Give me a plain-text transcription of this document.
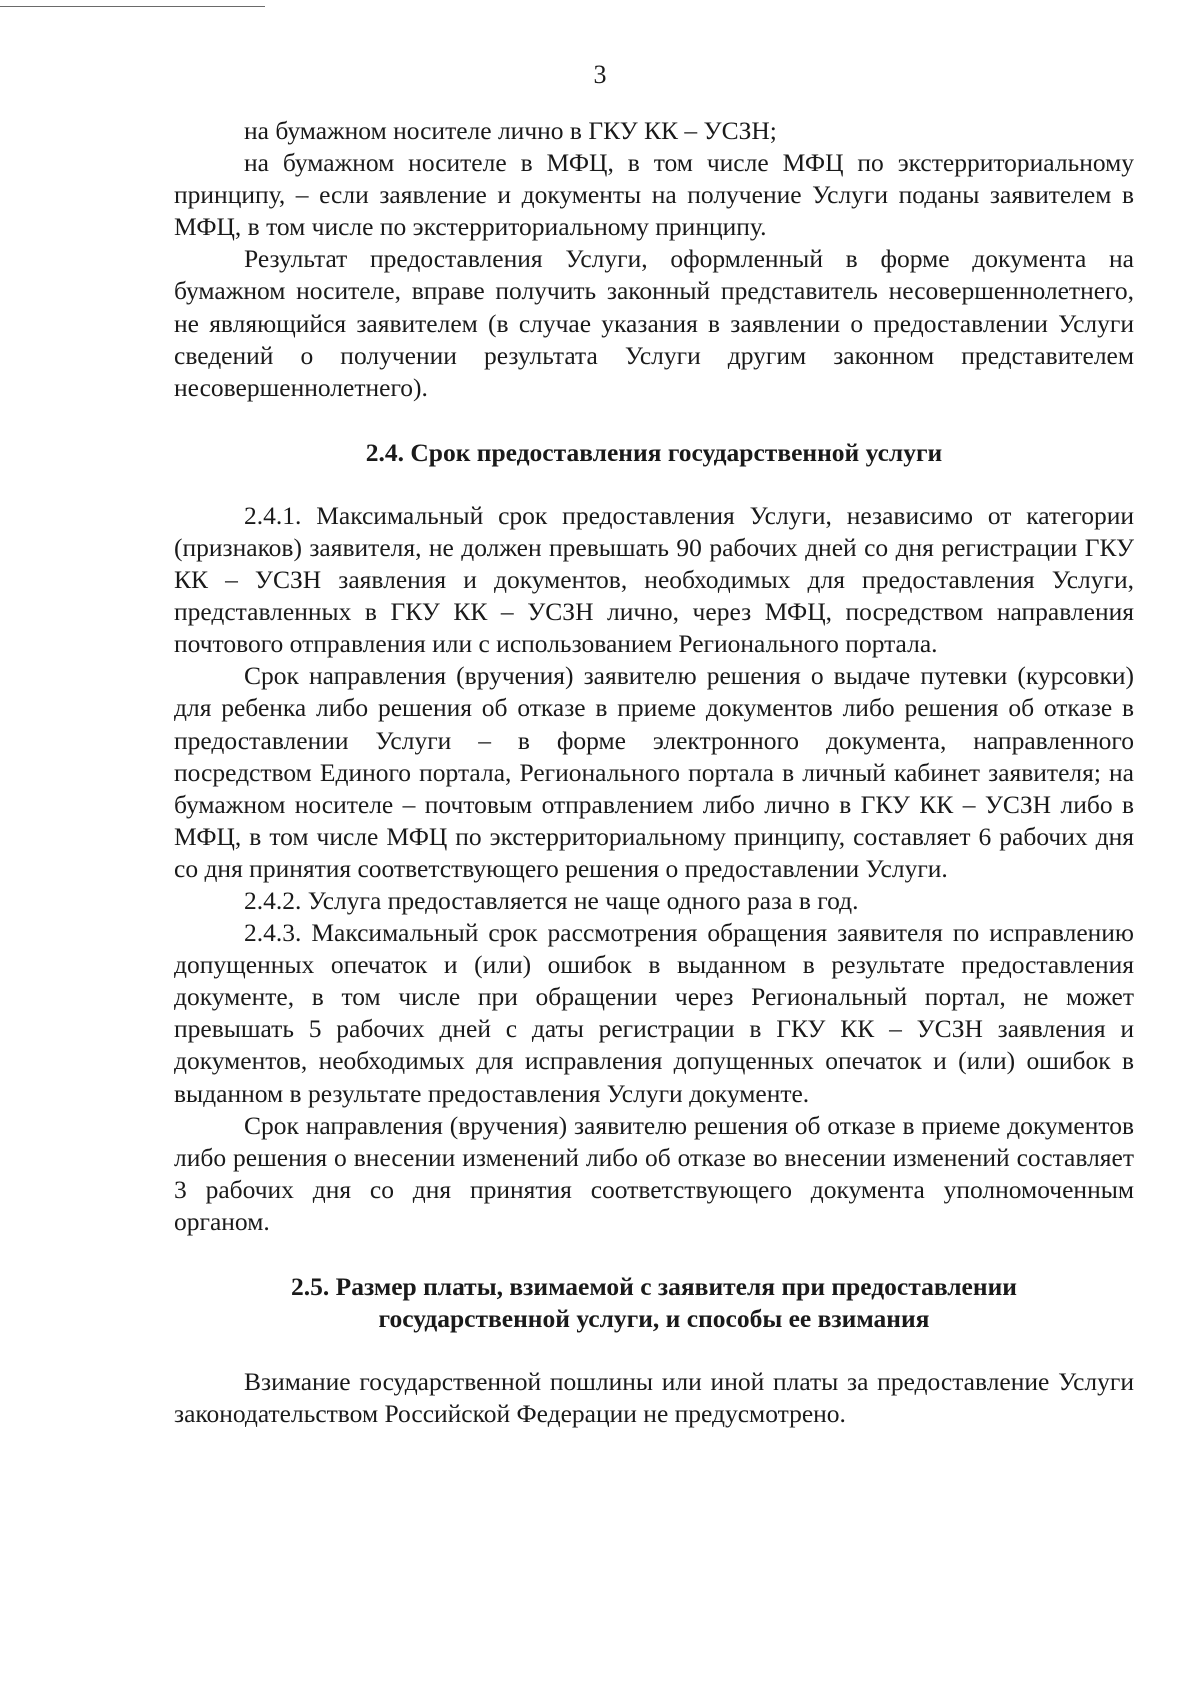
3

на бумажном носителе лично в ГКУ КК – УСЗН;

на бумажном носителе в МФЦ, в том числе МФЦ по экстерриториальному принципу, – если заявление и документы на получение Услуги поданы заявителем в МФЦ, в том числе по экстерриториальному принципу.

Результат предоставления Услуги, оформленный в форме документа на бумажном носителе, вправе получить законный представитель несовершеннолетнего, не являющийся заявителем (в случае указания в заявлении о предоставлении Услуги сведений о получении результата Услуги другим законном представителем несовершеннолетнего).

2.4. Срок предоставления государственной услуги

2.4.1. Максимальный срок предоставления Услуги, независимо от категории (признаков) заявителя, не должен превышать 90 рабочих дней со дня регистрации ГКУ КК – УСЗН заявления и документов, необходимых для предоставления Услуги, представленных в ГКУ КК – УСЗН лично, через МФЦ, посредством направления почтового отправления или с использованием Регионального портала.

Срок направления (вручения) заявителю решения о выдаче путевки (курсовки) для ребенка либо решения об отказе в приеме документов либо решения об отказе в предоставлении Услуги – в форме электронного документа, направленного посредством Единого портала, Регионального портала в личный кабинет заявителя; на бумажном носителе – почтовым отправлением либо лично в ГКУ КК – УСЗН либо в МФЦ, в том числе МФЦ по экстерриториальному принципу, составляет 6 рабочих дня со дня принятия соответствующего решения о предоставлении Услуги.

2.4.2. Услуга предоставляется не чаще одного раза в год.

2.4.3. Максимальный срок рассмотрения обращения заявителя по исправлению допущенных опечаток и (или) ошибок в выданном в результате предоставления документе, в том числе при обращении через Региональный портал, не может превышать 5 рабочих дней с даты регистрации в ГКУ КК – УСЗН заявления и документов, необходимых для исправления допущенных опечаток и (или) ошибок в выданном в результате предоставления Услуги документе.

Срок направления (вручения) заявителю решения об отказе в приеме документов либо решения о внесении изменений либо об отказе во внесении изменений составляет 3 рабочих дня со дня принятия соответствующего документа уполномоченным органом.

2.5. Размер платы, взимаемой с заявителя при предоставлении
государственной услуги, и способы ее взимания

Взимание государственной пошлины или иной платы за предоставление Услуги законодательством Российской Федерации не предусмотрено.
